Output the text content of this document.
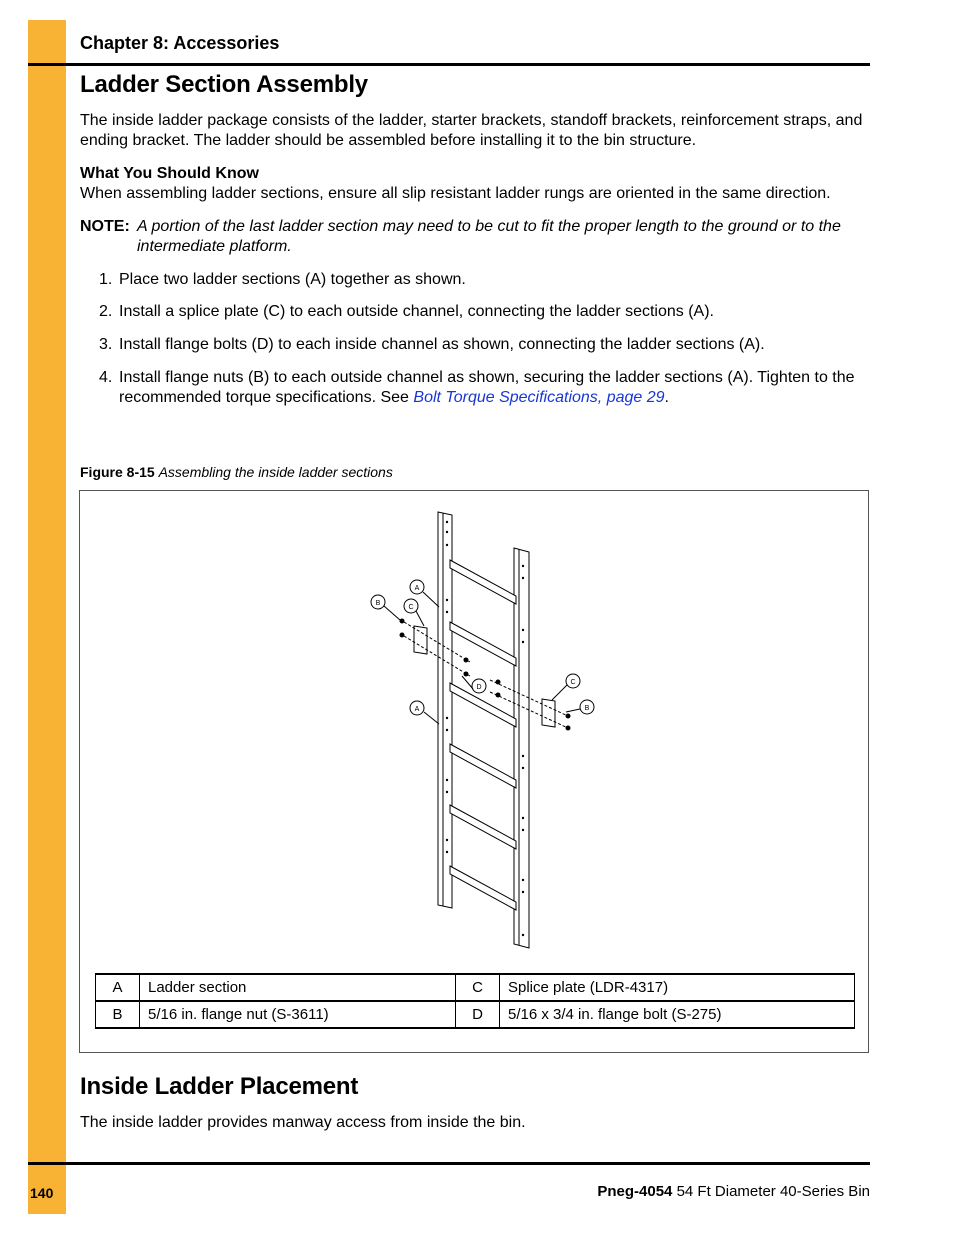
Chapter 8: Accessories
Ladder Section Assembly
The inside ladder package consists of the ladder, starter brackets, standoff brackets, reinforcement straps, and ending bracket. The ladder should be assembled before installing it to the bin structure.
What You Should Know
When assembling ladder sections, ensure all slip resistant ladder rungs are oriented in the same direction.
NOTE: A portion of the last ladder section may need to be cut to fit the proper length to the ground or to the intermediate platform.
1. Place two ladder sections (A) together as shown.
2. Install a splice plate (C) to each outside channel, connecting the ladder sections (A).
3. Install flange bolts (D) to each inside channel as shown, connecting the ladder sections (A).
4. Install flange nuts (B) to each outside channel as shown, securing the ladder sections (A). Tighten to the recommended torque specifications. See Bolt Torque Specifications, page 29.
Figure 8-15 Assembling the inside ladder sections
A
B
C
D
A
C
B
A	Ladder section	C	Splice plate (LDR-4317)
B	5/16 in. flange nut (S-3611)	D	5/16 x 3/4 in. flange bolt (S-275)
Inside Ladder Placement
The inside ladder provides manway access from inside the bin.
140	Pneg-4054 54 Ft Diameter 40-Series Bin
